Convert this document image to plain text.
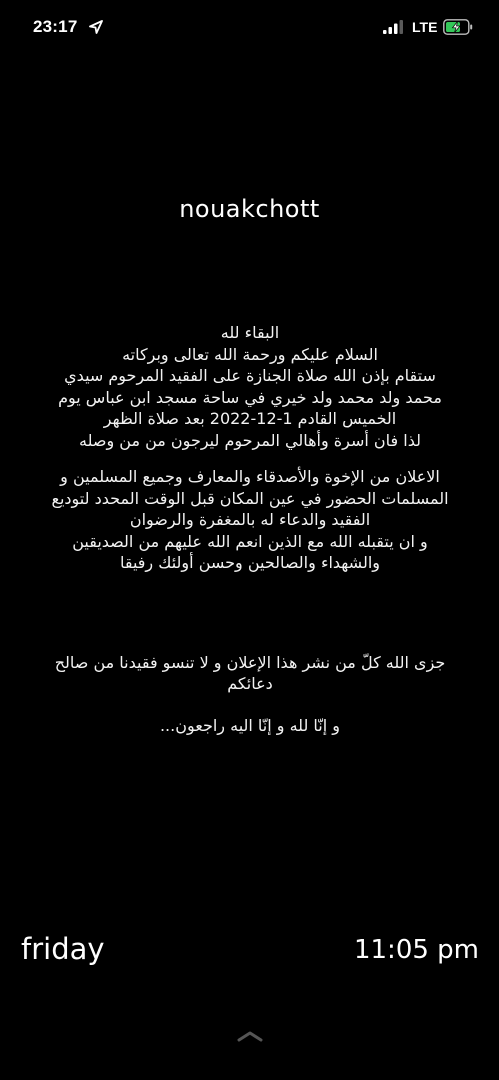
23:17	LTE
nouakchott

البقاء لله

السلام عليكم ورحمة الله تعالى وبركاته

ستقام بإذن الله صلاة الجنازة على الفقيد المرحوم سيدي

محمد ولد محمد ولد خيري في ساحة مسجد ابن عباس يوم

الخميس القادم 1-12-2022 بعد صلاة الظهر

لذا فان أسرة وأهالي المرحوم ليرجون من من وصله

الاعلان من الإخوة والأصدقاء والمعارف وجميع المسلمين و

المسلمات الحضور في عين المكان قبل الوقت المحدد لتوديع

الفقيد والدعاء له بالمغفرة والرضوان

و ان يتقبله الله مع الذين انعم الله عليهم من الصديقين

والشهداء والصالحين وحسن أولئك رفيقا

جزى الله كلّ من نشر هذا الإعلان و لا تنسو فقيدنا من صالح

دعائكم

و إنّا لله و إنّا اليه راجعون...

friday	11:05 pm
